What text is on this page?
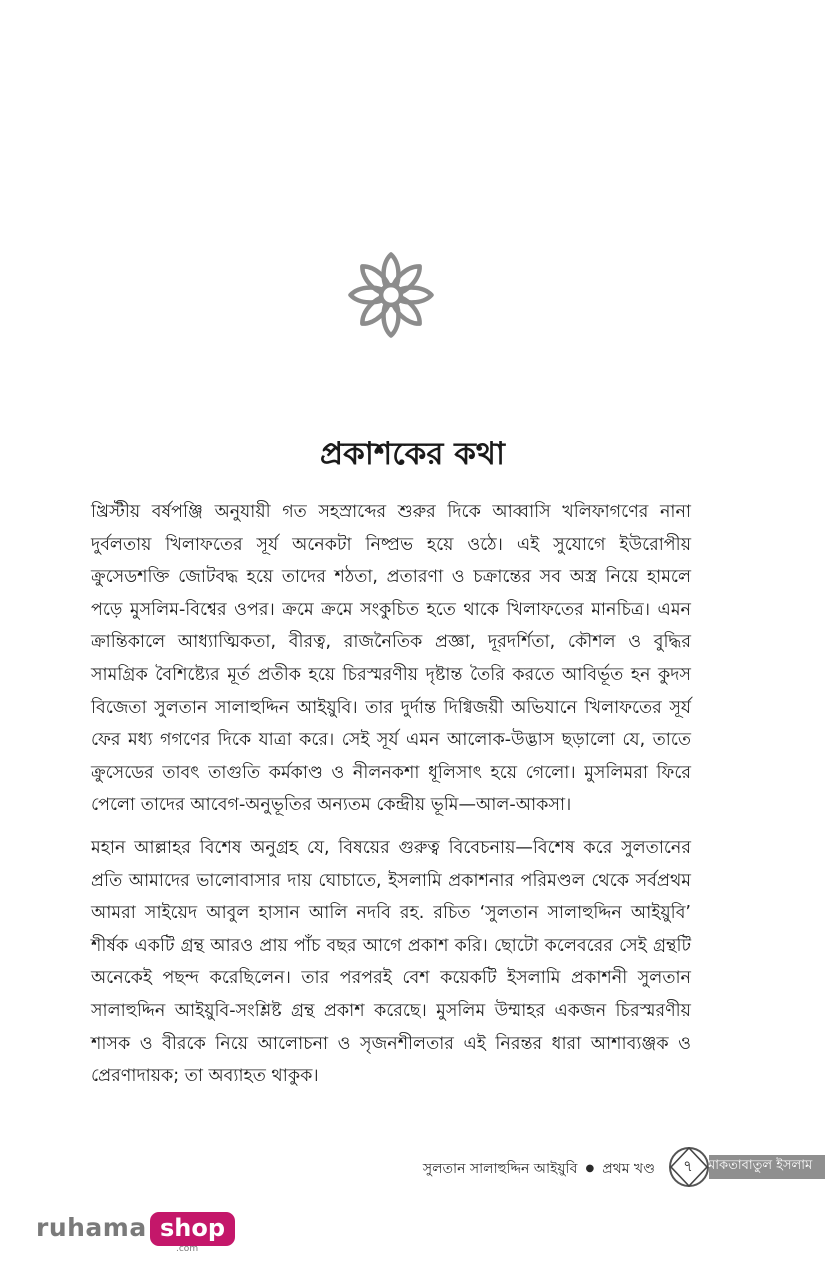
প্রকাশকের কথা

খ্রিস্টীয় বর্ষপঞ্জি অনুযায়ী গত সহস্রাব্দের শুরুর দিকে আব্বাসি খলিফাগণের নানা দুর্বলতায় খিলাফতের সূর্য অনেকটা নিষ্প্রভ হয়ে ওঠে। এই সুযোগে ইউরোপীয় ক্রুসেডশক্তি জোটবদ্ধ হয়ে তাদের শঠতা, প্রতারণা ও চক্রান্তের সব অস্ত্র নিয়ে হামলে পড়ে মুসলিম-বিশ্বের ওপর। ক্রমে ক্রমে সংকুচিত হতে থাকে খিলাফতের মানচিত্র। এমন ক্রান্তিকালে আধ্যাত্মিকতা, বীরত্ব, রাজনৈতিক প্রজ্ঞা, দূরদর্শিতা, কৌশল ও বুদ্ধির সামগ্রিক বৈশিষ্ট্যের মূর্ত প্রতীক হয়ে চিরস্মরণীয় দৃষ্টান্ত তৈরি করতে আবির্ভূত হন কুদস বিজেতা সুলতান সালাহুদ্দিন আইয়ুবি। তার দুর্দান্ত দিগ্বিজয়ী অভিযানে খিলাফতের সূর্য ফের মধ্য গগণের দিকে যাত্রা করে। সেই সূর্য এমন আলোক-উদ্ভাস ছড়ালো যে, তাতে ক্রুসেডের তাবৎ তাগুতি কর্মকাণ্ড ও নীলনকশা ধূলিসাৎ হয়ে গেলো। মুসলিমরা ফিরে পেলো তাদের আবেগ-অনুভূতির অন্যতম কেন্দ্রীয় ভূমি—আল-আকসা।

মহান আল্লাহর বিশেষ অনুগ্রহ যে, বিষয়ের গুরুত্ব বিবেচনায়—বিশেষ করে সুলতানের প্রতি আমাদের ভালোবাসার দায় ঘোচাতে, ইসলামি প্রকাশনার পরিমণ্ডল থেকে সর্বপ্রথম আমরা সাইয়েদ আবুল হাসান আলি নদবি রহ. রচিত ‘সুলতান সালাহুদ্দিন আইয়ুবি’ শীর্ষক একটি গ্রন্থ আরও প্রায় পাঁচ বছর আগে প্রকাশ করি। ছোটো কলেবরের সেই গ্রন্থটি অনেকেই পছন্দ করেছিলেন। তার পরপরই বেশ কয়েকটি ইসলামি প্রকাশনী সুলতান সালাহুদ্দিন আইয়ুবি-সংশ্লিষ্ট গ্রন্থ প্রকাশ করেছে। মুসলিম উম্মাহর একজন চিরস্মরণীয় শাসক ও বীরকে নিয়ে আলোচনা ও সৃজনশীলতার এই নিরন্তর ধারা আশাব্যঞ্জক ও প্রেরণাদায়ক; তা অব্যাহত থাকুক।

সুলতান সালাহুদ্দিন আইয়ুবি ● প্রথম খণ্ড	৭	মাকতাবাতুল ইসলাম
ruhama shop
.com
